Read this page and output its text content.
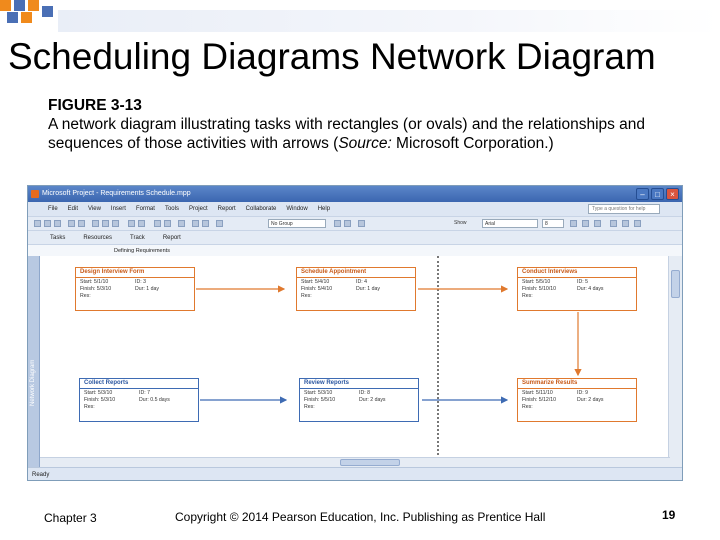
Scheduling Diagrams Network Diagram
FIGURE 3-13
A network diagram illustrating tasks with rectangles (or ovals) and the relationships and sequences of those activities with arrows (Source: Microsoft Corporation.)
Microsoft Project - Requirements Schedule.mpp	–	□	×
File Edit View Insert Format Tools Project Report Collaborate Window Help	Type a question for help
No Group	Show	Arial	8
Tasks	Resources	Track	Report
Defining Requirements
Network Diagram
Design Interview Form
Start: 5/1/10	ID: 3
Finish: 5/3/10	Dur: 1 day
Res:
Schedule Appointment
Start: 5/4/10	ID: 4
Finish: 5/4/10	Dur: 1 day
Res:
Conduct Interviews
Start: 5/5/10	ID: 5
Finish: 5/10/10	Dur: 4 days
Res:
Collect Reports
Start: 5/3/10	ID: 7
Finish: 5/3/10	Dur: 0.5 days
Res:
Review Reports
Start: 5/3/10	ID: 8
Finish: 5/5/10	Dur: 2 days
Res:
Summarize Results
Start: 5/11/10	ID: 9
Finish: 5/12/10	Dur: 2 days
Res:
Ready
Chapter 3	Copyright © 2014 Pearson Education, Inc. Publishing as Prentice Hall	19
